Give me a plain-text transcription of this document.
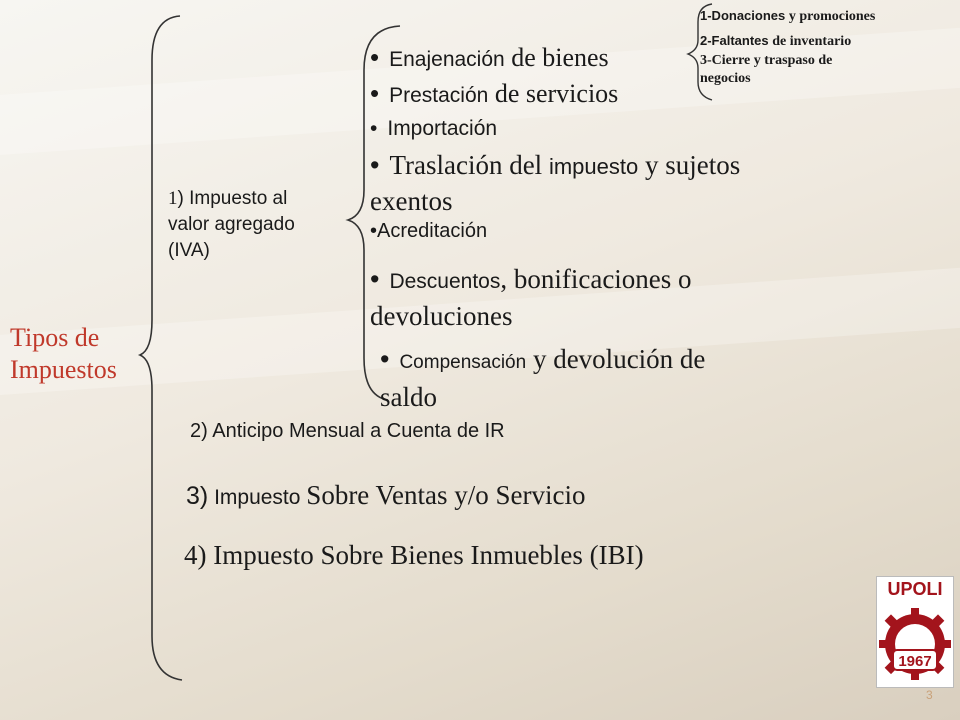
Tipos de
Impuestos
1) Impuesto al
valor agregado
(IVA)
• Enajenación de bienes
• Prestación de servicios
• Importación
• Traslación del impuesto y sujetos
exentos
•Acreditación
• Descuentos, bonificaciones o
devoluciones
• Compensación y devolución de
saldo
1-Donaciones y promociones
2-Faltantes de inventario
3-Cierre y traspaso de
negocios
2) Anticipo Mensual a Cuenta de IR
3) Impuesto Sobre Ventas y/o Servicio
4) Impuesto Sobre Bienes Inmuebles (IBI)
UPOLI
1967
3
